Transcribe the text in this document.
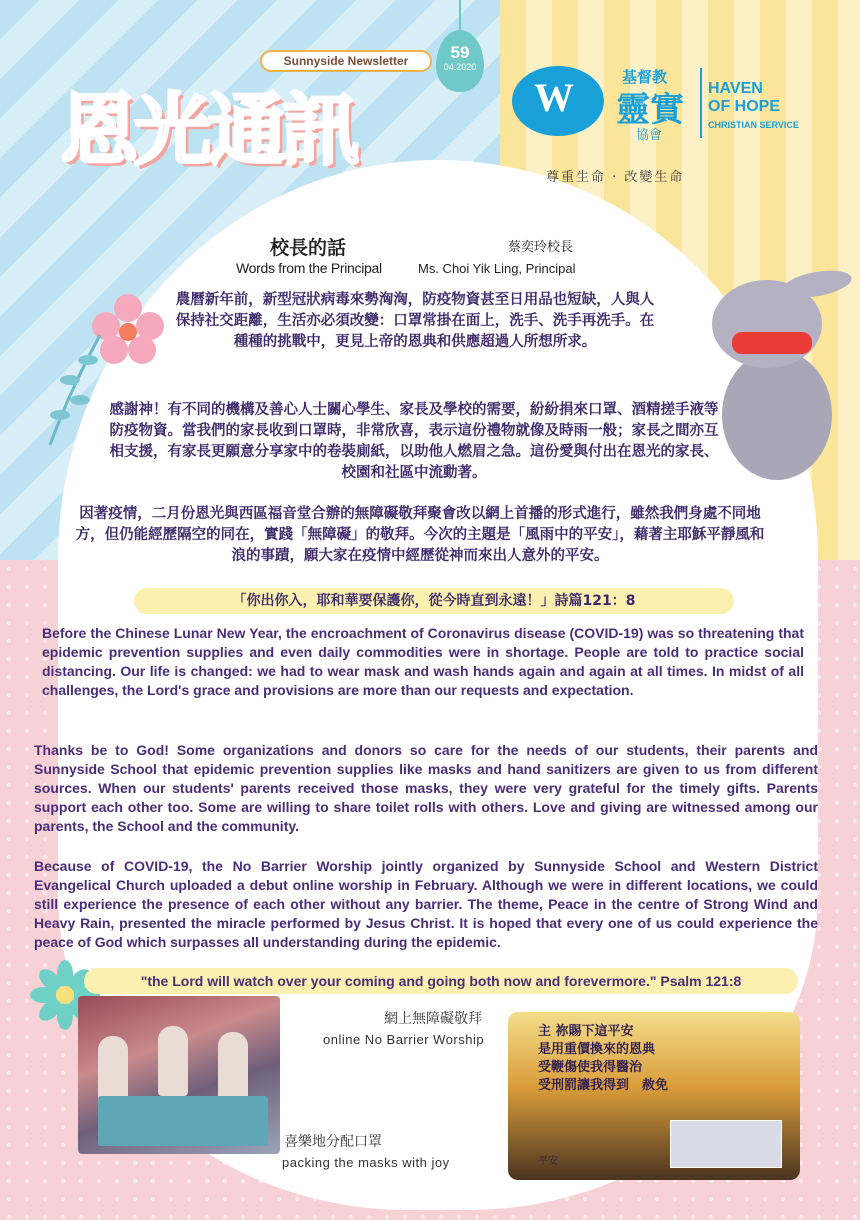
Sunnyside Newsletter
恩光通訊
59
04.2020
W	基督教
靈實
協會
HAVEN
OF HOPE
CHRISTIAN SERVICE
尊重生命 ‧ 改變生命
校長的話
Words from the Principal
蔡奕玲校長
Ms. Choi Yik Ling, Principal
農曆新年前，新型冠狀病毒來勢洶洶，防疫物資甚至日用品也短缺，人與人保持社交距離，生活亦必須改變：口罩常掛在面上，洗手、洗手再洗手。在種種的挑戰中，更見上帝的恩典和供應超過人所想所求。
感謝神！有不同的機構及善心人士關心學生、家長及學校的需要，紛紛捐來口罩、酒精搓手液等防疫物資。當我們的家長收到口罩時，非常欣喜，表示這份禮物就像及時雨一般；家長之間亦互相支援，有家長更願意分享家中的卷裝廁紙，以助他人燃眉之急。這份愛與付出在恩光的家長、校園和社區中流動著。
因著疫情，二月份恩光與西區福音堂合辦的無障礙敬拜聚會改以網上首播的形式進行，雖然我們身處不同地方，但仍能經歷隔空的同在，實踐「無障礙」的敬拜。今次的主題是「風雨中的平安」，藉著主耶穌平靜風和浪的事蹟，願大家在疫情中經歷從神而來出人意外的平安。
「你出你入，耶和華要保護你，從今時直到永遠！」詩篇121：8
Before the Chinese Lunar New Year, the encroachment of Coronavirus disease (COVID-19) was so threatening that epidemic prevention supplies and even daily commodities were in shortage. People are told to practice social distancing. Our life is changed: we had to wear mask and wash hands again and again at all times. In midst of all challenges, the Lord's grace and provisions are more than our requests and expectation.
Thanks be to God! Some organizations and donors so care for the needs of our students, their parents and Sunnyside School that epidemic prevention supplies like masks and hand sanitizers are given to us from different sources. When our students' parents received those masks, they were very grateful for the timely gifts. Parents support each other too. Some are willing to share toilet rolls with others. Love and giving are witnessed among our parents, the School and the community.
Because of COVID-19, the No Barrier Worship jointly organized by Sunnyside School and Western District Evangelical Church uploaded a debut online worship in February. Although we were in different locations, we could still experience the presence of each other without any barrier. The theme, Peace in the centre of Strong Wind and Heavy Rain, presented the miracle performed by Jesus Christ. It is hoped that every one of us could experience the peace of God which surpasses all understanding during the epidemic.
"the Lord will watch over your coming and going both now and forevermore." Psalm 121:8
網上無障礙敬拜
online No Barrier Worship
喜樂地分配口罩
packing the masks with joy
主 祢賜下這平安
是用重價換來的恩典
受鞭傷使我得醫治
受刑罰讓我得到　赦免
平安
